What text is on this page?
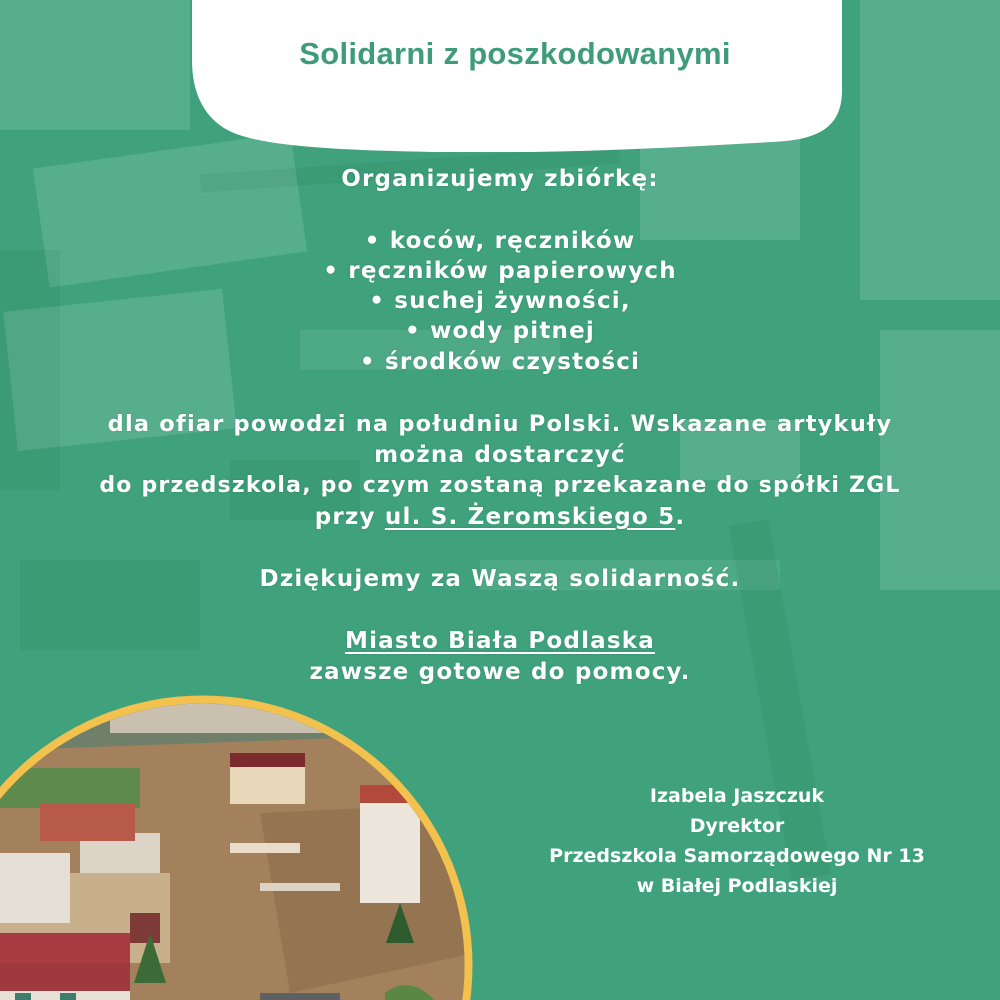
Solidarni z poszkodowanymi

Organizujemy zbiórkę:

• koców, ręczników

• ręczników papierowych

• suchej żywności,

• wody pitnej

• środków czystości

dla ofiar powodzi na południu Polski. Wskazane artykuły

można dostarczyć

do przedszkola, po czym zostaną przekazane do spółki ZGL

przy ul. S. Żeromskiego 5.

Dziękujemy za Waszą solidarność.

Miasto Biała Podlaska

zawsze gotowe do pomocy.

Izabela Jaszczuk

Dyrektor

Przedszkola Samorządowego Nr 13

w Białej Podlaskiej
